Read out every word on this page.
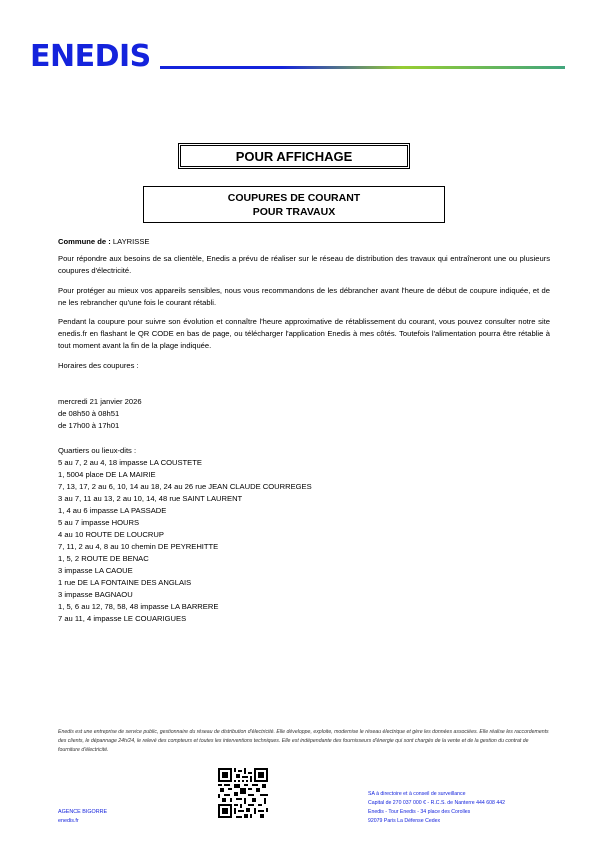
ENEDIS
POUR AFFICHAGE
COUPURES DE COURANT
POUR TRAVAUX
Commune de : LAYRISSE
Pour répondre aux besoins de sa clientèle, Enedis a prévu de réaliser sur le réseau de distribution des travaux qui entraîneront une ou plusieurs coupures d'électricité.
Pour protéger au mieux vos appareils sensibles, nous vous recommandons de les débrancher avant l'heure de début de coupure indiquée, et de ne les rebrancher qu'une fois le courant rétabli.
Pendant la coupure pour suivre son évolution et connaître l'heure approximative de rétablissement du courant, vous pouvez consulter notre site enedis.fr en flashant le QR CODE en bas de page, ou télécharger l'application Enedis à mes côtés. Toutefois l'alimentation pourra être rétablie à tout moment avant la fin de la plage indiquée.
Horaires des coupures :
mercredi 21 janvier 2026
de 08h50 à 08h51
de 17h00 à 17h01
Quartiers ou lieux-dits :
5 au 7, 2 au 4, 18 impasse LA COUSTETE
1, 5004 place DE LA MAIRIE
7, 13, 17, 2 au 6, 10, 14 au 18, 24 au 26 rue JEAN CLAUDE COURREGES
3 au 7, 11 au 13, 2 au 10, 14, 48 rue SAINT LAURENT
1, 4 au 6 impasse LA PASSADE
5 au 7 impasse HOURS
4 au 10 ROUTE DE LOUCRUP
7, 11, 2 au 4, 8 au 10 chemin DE PEYREHITTE
1, 5, 2 ROUTE DE BENAC
3 impasse LA CAOUE
1 rue DE LA FONTAINE DES ANGLAIS
3 impasse BAGNAOU
1, 5, 6 au 12, 78, 58, 48 impasse LA BARRERE
7 au 11, 4 impasse LE COUARIGUES
Enedis est une entreprise de service public, gestionnaire du réseau de distribution d'électricité. Elle développe, exploite, modernise le réseau électrique et gère les données associées. Elle réalise les raccordements des clients, le dépannage 24h/24, le relevé des compteurs et toutes les interventions techniques. Elle est indépendante des fournisseurs d'énergie qui sont chargés de la vente et de la gestion du contrat de fourniture d'électricité.
AGENCE BIGORRE
enedis.fr
SA à directoire et à conseil de surveillance
Capital de 270 037 000 € - R.C.S. de Nanterre 444 608 442
Enedis - Tour Enedis - 34 place des Corolles
92079 Paris La Défense Cedex
